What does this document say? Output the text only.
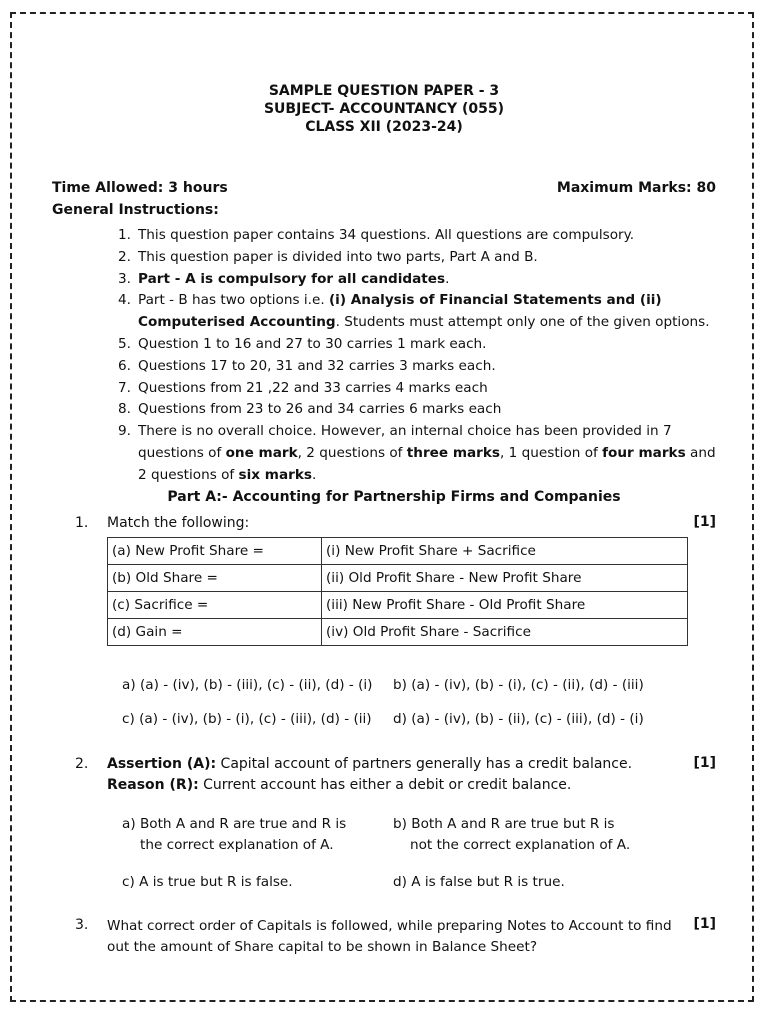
SAMPLE QUESTION PAPER - 3
SUBJECT- ACCOUNTANCY (055)
CLASS XII (2023-24)
Time Allowed: 3 hours	Maximum Marks: 80
General Instructions:
1. This question paper contains 34 questions. All questions are compulsory.
2. This question paper is divided into two parts, Part A and B.
3. Part - A is compulsory for all candidates.
4. Part - B has two options i.e. (i) Analysis of Financial Statements and (ii) Computerised Accounting. Students must attempt only one of the given options.
5. Question 1 to 16 and 27 to 30 carries 1 mark each.
6. Questions 17 to 20, 31 and 32 carries 3 marks each.
7. Questions from 21 ,22 and 33 carries 4 marks each
8. Questions from 23 to 26 and 34 carries 6 marks each
9. There is no overall choice. However, an internal choice has been provided in 7 questions of one mark, 2 questions of three marks, 1 question of four marks and 2 questions of six marks.
Part A:- Accounting for Partnership Firms and Companies
1. Match the following:	[1]
(a) New Profit Share =	(i) New Profit Share + Sacrifice
(b) Old Share =	(ii) Old Profit Share - New Profit Share
(c) Sacrifice =	(iii) New Profit Share - Old Profit Share
(d) Gain =	(iv) Old Profit Share - Sacrifice
a) (a) - (iv), (b) - (iii), (c) - (ii), (d) - (i) b) (a) - (iv), (b) - (i), (c) - (ii), (d) - (iii)
c) (a) - (iv), (b) - (i), (c) - (iii), (d) - (ii) d) (a) - (iv), (b) - (ii), (c) - (iii), (d) - (i)
2. Assertion (A): Capital account of partners generally has a credit balance.
Reason (R): Current account has either a debit or credit balance.
[1]
a) Both A and R are true and R is
the correct explanation of A.
b) Both A and R are true but R is
not the correct explanation of A.
c) A is true but R is false.	d) A is false but R is true.
3. What correct order of Capitals is followed, while preparing Notes to Account to find
out the amount of Share capital to be shown in Balance Sheet?
[1]
